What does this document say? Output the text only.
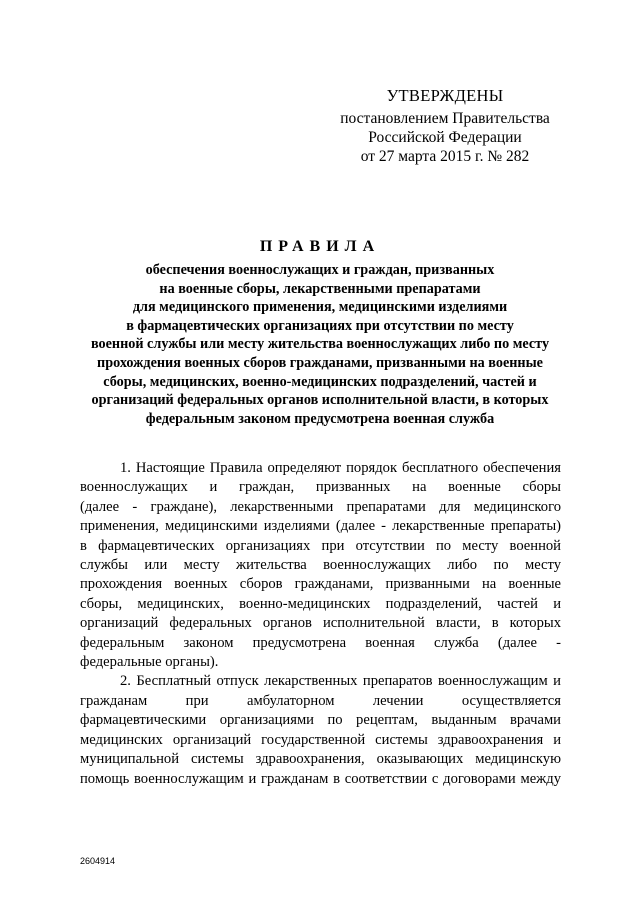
УТВЕРЖДЕНЫ
постановлением Правительства
Российской Федерации
от 27 марта 2015 г. № 282
ПРАВИЛА
обеспечения военнослужащих и граждан, призванных
на военные сборы, лекарственными препаратами
для медицинского применения, медицинскими изделиями
в фармацевтических организациях при отсутствии по месту
военной службы или месту жительства военнослужащих либо по месту
прохождения военных сборов гражданами, призванными на военные
сборы, медицинских, военно-медицинских подразделений, частей и
организаций федеральных органов исполнительной власти, в которых
федеральным законом предусмотрена военная служба
1. Настоящие Правила определяют порядок бесплатного обеспечения
военнослужащих и граждан, призванных на военные сборы
(далее - граждане), лекарственными препаратами для медицинского
применения, медицинскими изделиями (далее - лекарственные препараты)
в фармацевтических организациях при отсутствии по месту военной
службы или месту жительства военнослужащих либо по месту
прохождения военных сборов гражданами, призванными на военные
сборы, медицинских, военно-медицинских подразделений, частей и
организаций федеральных органов исполнительной власти, в которых
федеральным законом предусмотрена военная служба (далее -
федеральные органы).
2. Бесплатный отпуск лекарственных препаратов военнослужащим и
гражданам при амбулаторном лечении осуществляется
фармацевтическими организациями по рецептам, выданным врачами
медицинских организаций государственной системы здравоохранения и
муниципальной системы здравоохранения, оказывающих медицинскую
помощь военнослужащим и гражданам в соответствии с договорами между
2604914
